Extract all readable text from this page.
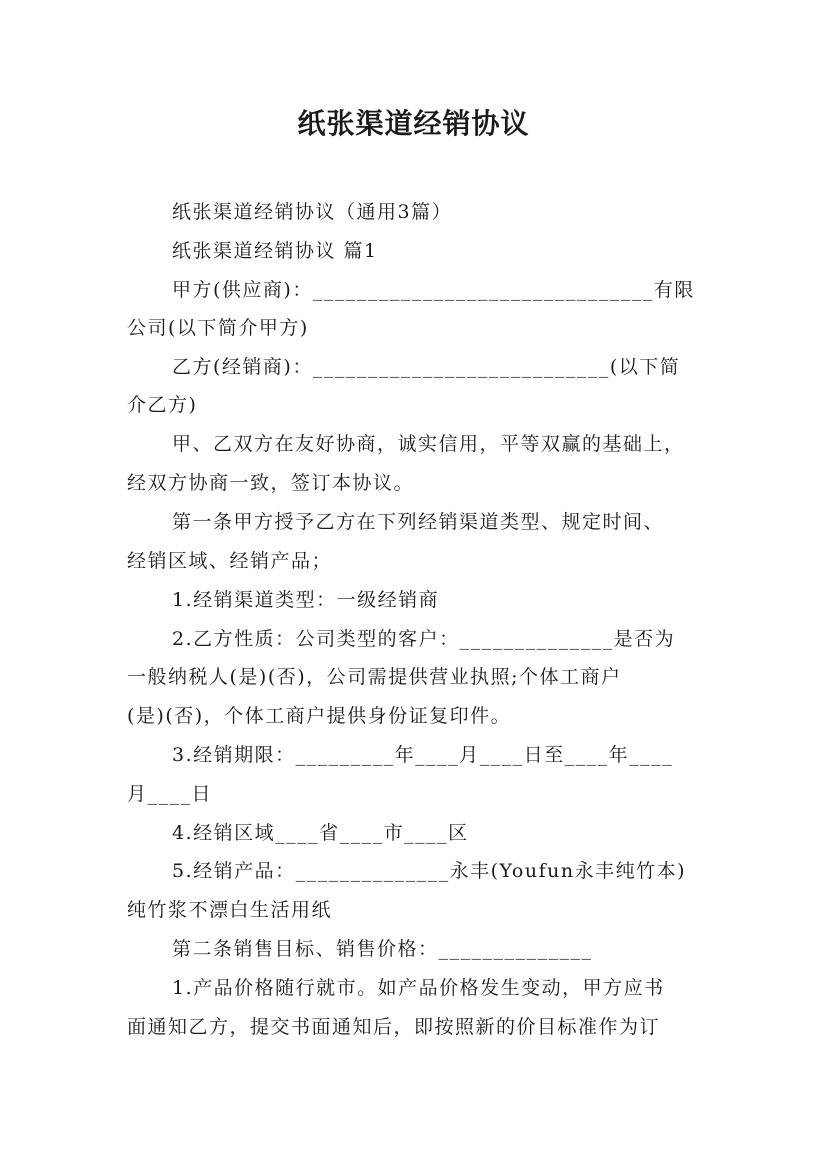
纸张渠道经销协议
纸张渠道经销协议（通用3篇）
纸张渠道经销协议 篇1
甲方(供应商)：_______________________________有限
公司(以下简介甲方)
乙方(经销商)：___________________________(以下简
介乙方)
甲、乙双方在友好协商，诚实信用，平等双赢的基础上，
经双方协商一致，签订本协议。
第一条甲方授予乙方在下列经销渠道类型、规定时间、
经销区域、经销产品；
1.经销渠道类型：一级经销商
2.乙方性质：公司类型的客户：______________是否为
一般纳税人(是)(否)，公司需提供营业执照;个体工商户
(是)(否)，个体工商户提供身份证复印件。
3.经销期限：_________年____月____日至____年____
月____日
4.经销区域____省____市____区
5.经销产品：______________永丰(Youfun永丰纯竹本)
纯竹浆不漂白生活用纸
第二条销售目标、销售价格：______________
1.产品价格随行就市。如产品价格发生变动，甲方应书
面通知乙方，提交书面通知后，即按照新的价目标准作为订
